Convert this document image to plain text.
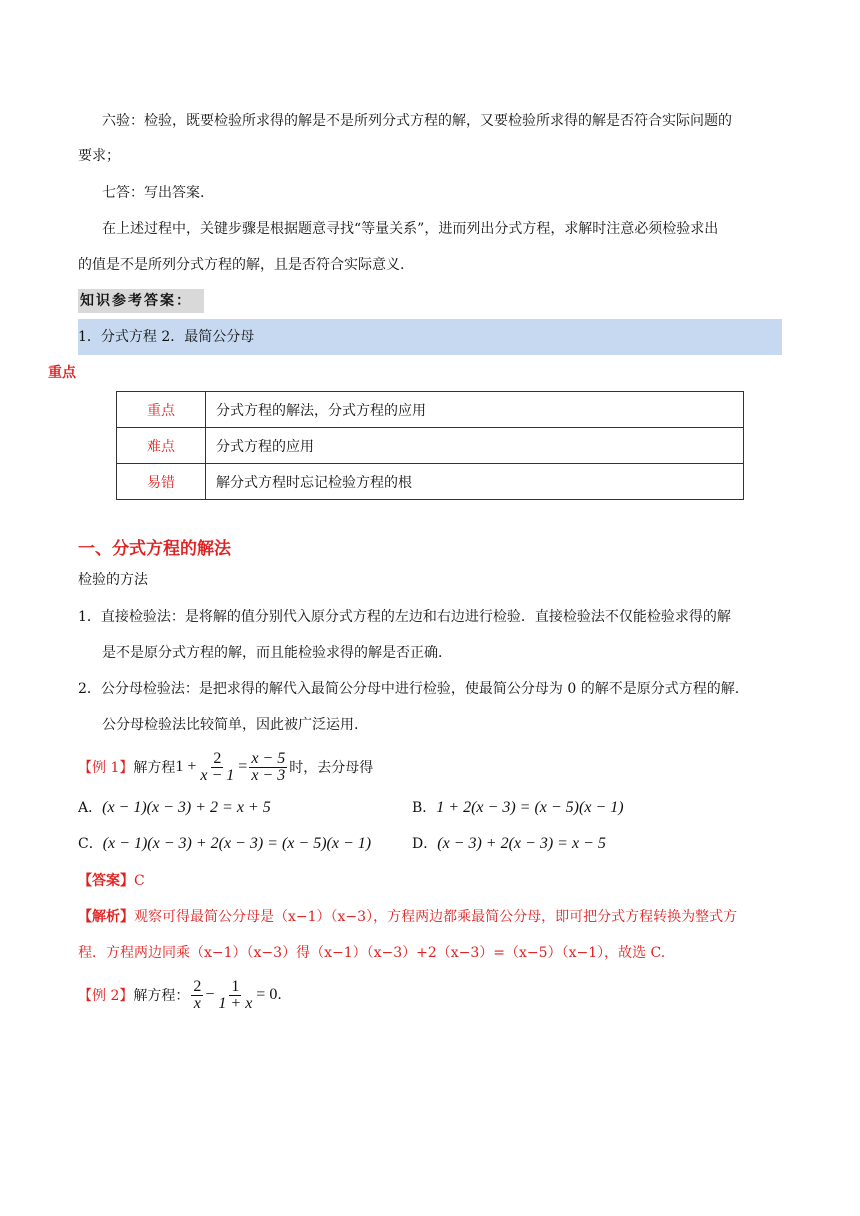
六验：检验，既要检验所求得的解是不是所列分式方程的解，又要检验所求得的解是否符合实际问题的
要求；
七答：写出答案.
在上述过程中，关键步骤是根据题意寻找“等量关系”，进而列出分式方程，求解时注意必须检验求出
的值是不是所列分式方程的解，且是否符合实际意义.
知识参考答案：
1．分式方程 2．最简公分母
重点
重点	分式方程的解法，分式方程的应用
难点	分式方程的应用
易错	解分式方程时忘记检验方程的根
一、分式方程的解法
检验的方法
1．直接检验法：是将解的值分别代入原分式方程的左边和右边进行检验．直接检验法不仅能检验求得的解
是不是原分式方程的解，而且能检验求得的解是否正确.
2．公分母检验法：是把求得的解代入最简公分母中进行检验，使最简公分母为 0 的解不是原分式方程的解.
公分母检验法比较简单，因此被广泛运用.
【例 1】 解方程 $1 + \frac{2}{x - 1} = \frac{x - 5}{x - 3}$ 时，去分母得
A．(x − 1)(x − 3) + 2 = x + 5	B．1 + 2(x − 3) = (x − 5)(x − 1)
C．(x − 1)(x − 3) + 2(x − 3) = (x − 5)(x − 1)	D．(x − 3) + 2(x − 3) = x − 5
【答案】C
【解析】观察可得最简公分母是（x−1）（x−3），方程两边都乘最简公分母，即可把分式方程转换为整式方
程．方程两边同乘（x−1）（x−3）得（x−1）（x−3）+2（x−3）=（x−5）（x−1），故选 C.
【例 2】 解方程： $\frac{2}{x} - \frac{1}{1 + x} = 0$ .
